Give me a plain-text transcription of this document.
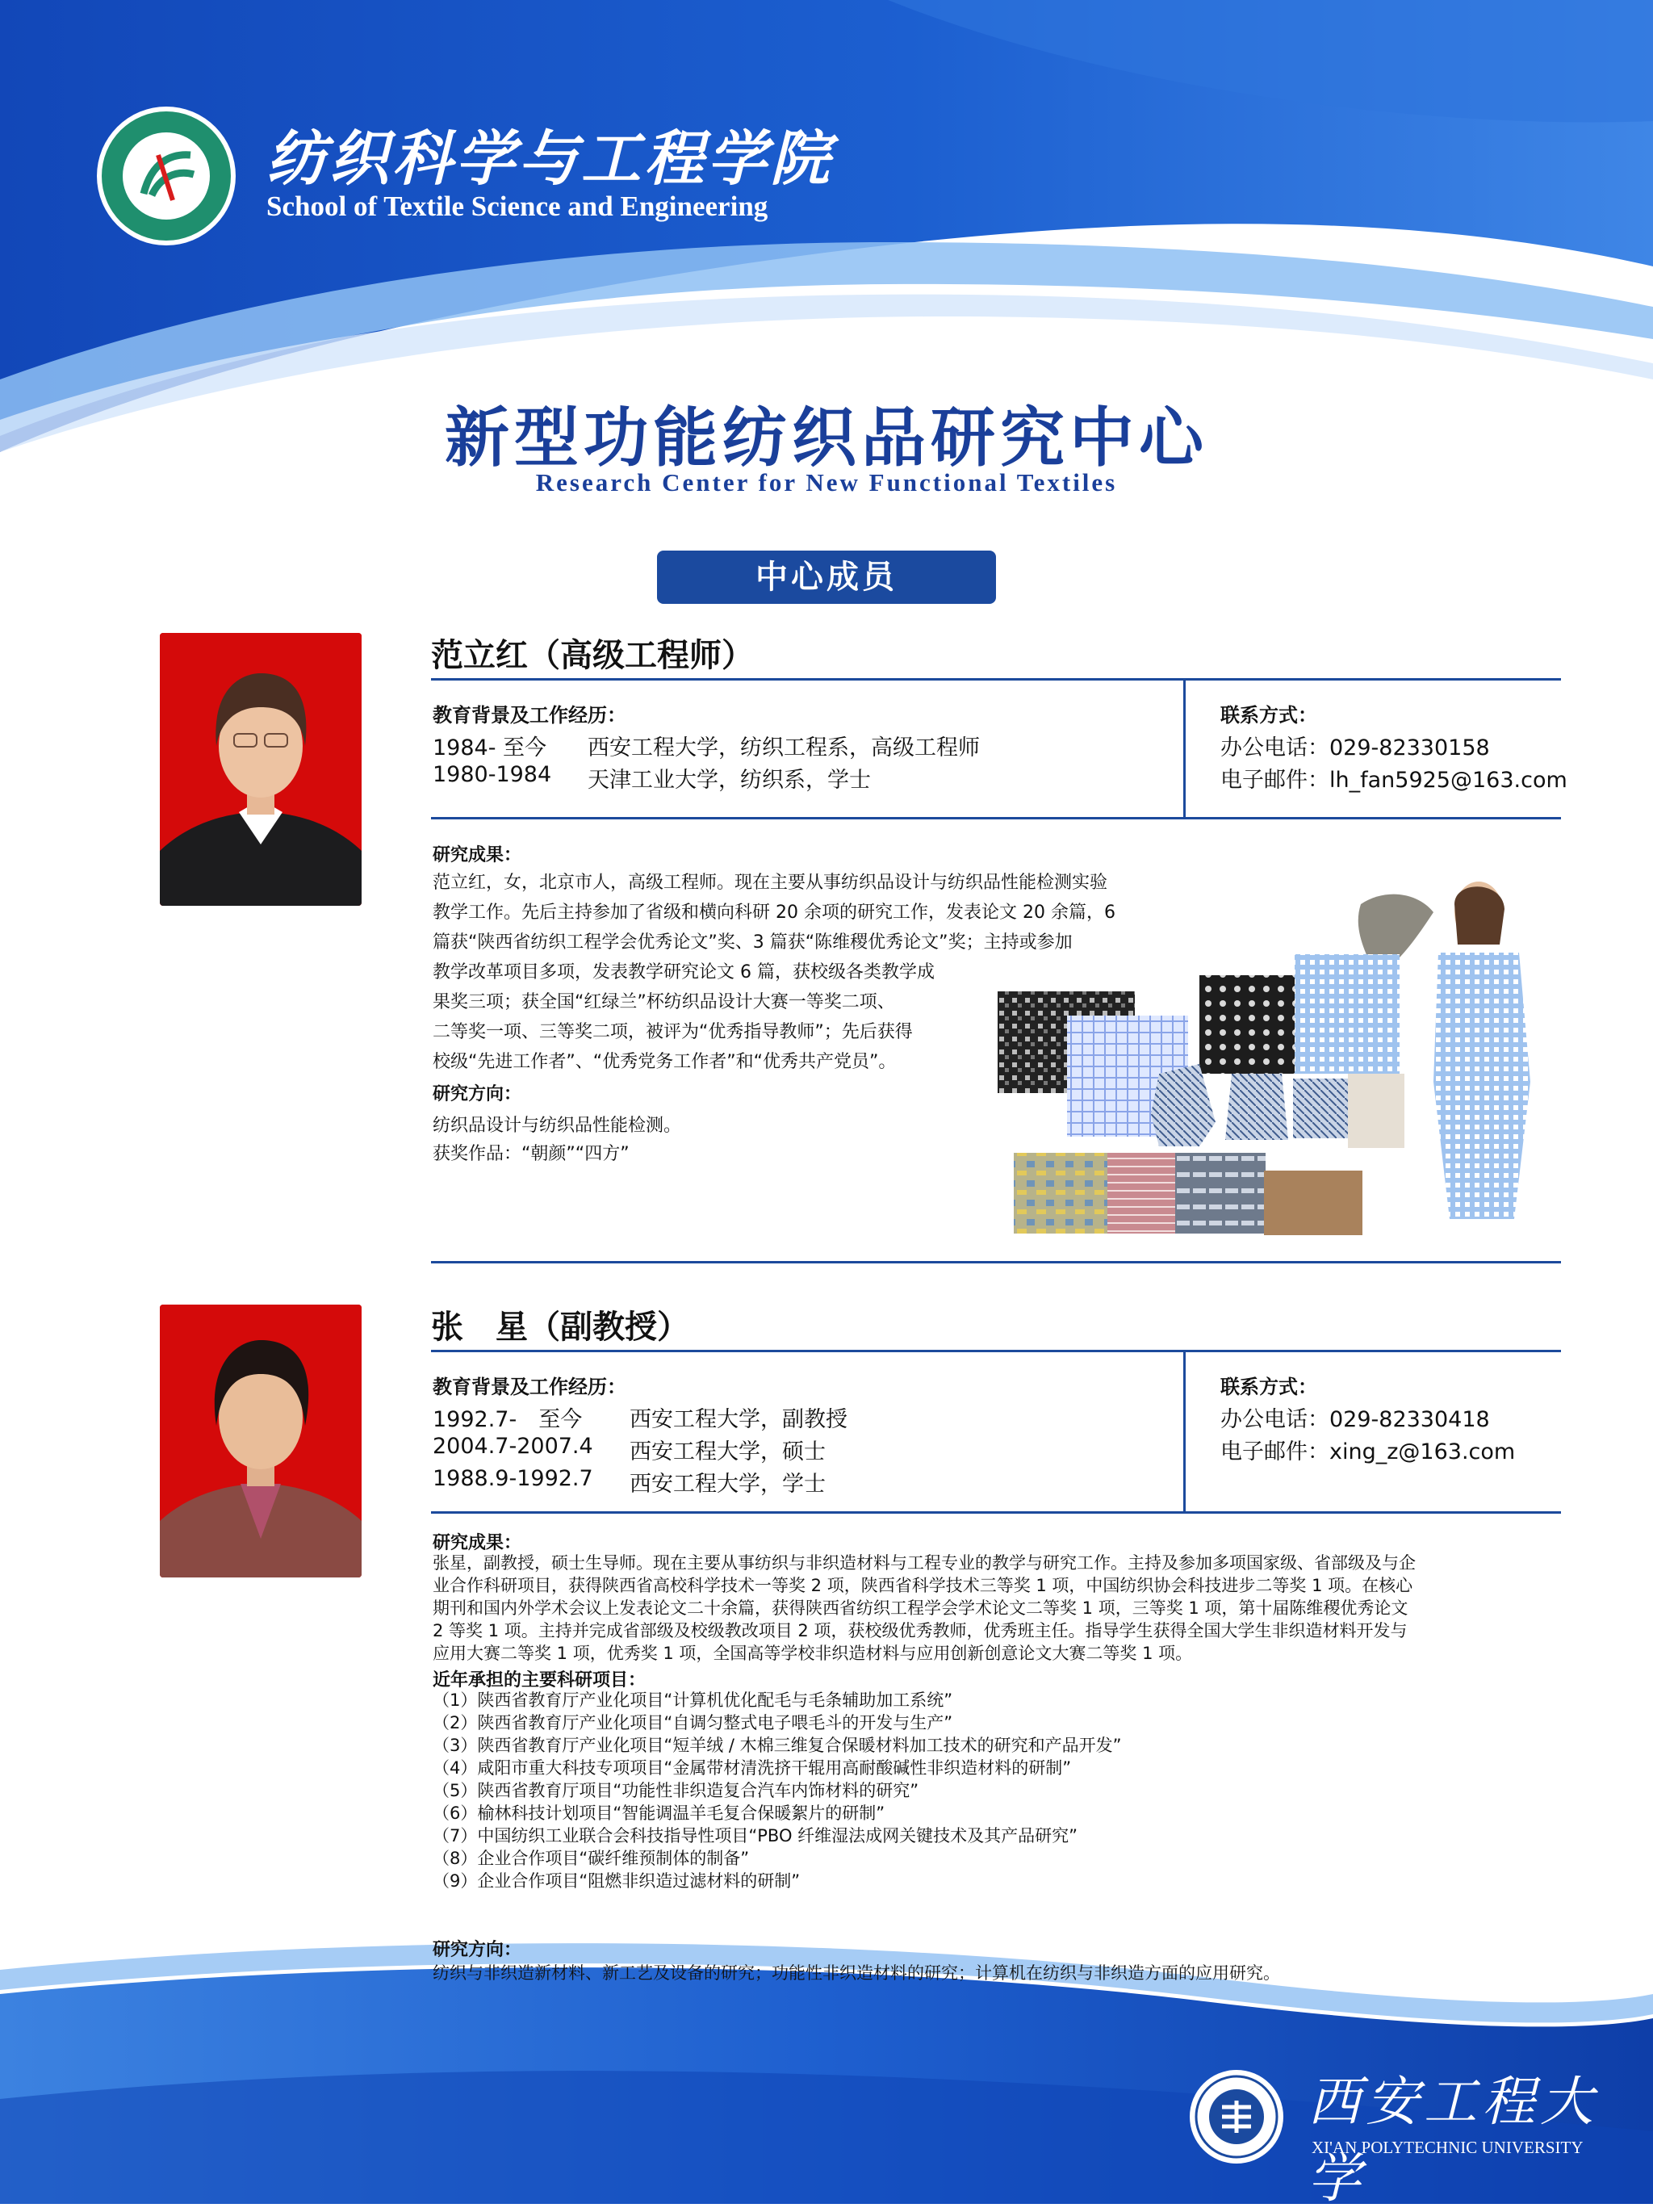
纺织科学与工程学院
School of Textile Science and Engineering
新型功能纺织品研究中心
Research Center for New Functional Textiles
中心成员
范立红（高级工程师）
教育背景及工作经历：
1984- 至今 西安工程大学，纺织工程系，高级工程师
1980-1984 天津工业大学，纺织系，学士
联系方式：
办公电话：029-82330158
电子邮件：lh_fan5925@163.com
研究成果：
范立红，女，北京市人，高级工程师。现在主要从事纺织品设计与纺织品性能检测实验
教学工作。先后主持参加了省级和横向科研 20 余项的研究工作，发表论文 20 余篇，6
篇获“陕西省纺织工程学会优秀论文”奖、3 篇获“陈维稷优秀论文”奖；主持或参加
教学改革项目多项，发表教学研究论文 6 篇，获校级各类教学成
果奖三项；获全国“红绿兰”杯纺织品设计大赛一等奖二项、
二等奖一项、三等奖二项，被评为“优秀指导教师”；先后获得
校级“先进工作者”、“优秀党务工作者”和“优秀共产党员”。
研究方向：
纺织品设计与纺织品性能检测。
获奖作品：“朝颜”“四方”
张　星（副教授）
教育背景及工作经历：
1992.7-　至今 西安工程大学，副教授
2004.7-2007.4 西安工程大学，硕士
1988.9-1992.7 西安工程大学，学士
联系方式：
办公电话：029-82330418
电子邮件：xing_z@163.com
研究成果：
张星，副教授，硕士生导师。现在主要从事纺织与非织造材料与工程专业的教学与研究工作。主持及参加多项国家级、省部级及与企
业合作科研项目，获得陕西省高校科学技术一等奖 2 项，陕西省科学技术三等奖 1 项，中国纺织协会科技进步二等奖 1 项。在核心
期刊和国内外学术会议上发表论文二十余篇，获得陕西省纺织工程学会学术论文二等奖 1 项，三等奖 1 项，第十届陈维稷优秀论文
2 等奖 1 项。主持并完成省部级及校级教改项目 2 项，获校级优秀教师，优秀班主任。指导学生获得全国大学生非织造材料开发与
应用大赛二等奖 1 项，优秀奖 1 项，全国高等学校非织造材料与应用创新创意论文大赛二等奖 1 项。
近年承担的主要科研项目：
（1）陕西省教育厅产业化项目“计算机优化配毛与毛条辅助加工系统”
（2）陕西省教育厅产业化项目“自调匀整式电子喂毛斗的开发与生产”
（3）陕西省教育厅产业化项目“短羊绒 / 木棉三维复合保暖材料加工技术的研究和产品开发”
（4）咸阳市重大科技专项项目“金属带材清洗挤干辊用高耐酸碱性非织造材料的研制”
（5）陕西省教育厅项目“功能性非织造复合汽车内饰材料的研究”
（6）榆林科技计划项目“智能调温羊毛复合保暖絮片的研制”
（7）中国纺织工业联合会科技指导性项目“PBO 纤维湿法成网关键技术及其产品研究”
（8）企业合作项目“碳纤维预制体的制备”
（9）企业合作项目“阻燃非织造过滤材料的研制”
研究方向：
纺织与非织造新材料、新工艺及设备的研究；功能性非织造材料的研究；计算机在纺织与非织造方面的应用研究。
西安工程大学
XI'AN POLYTECHNIC UNIVERSITY
